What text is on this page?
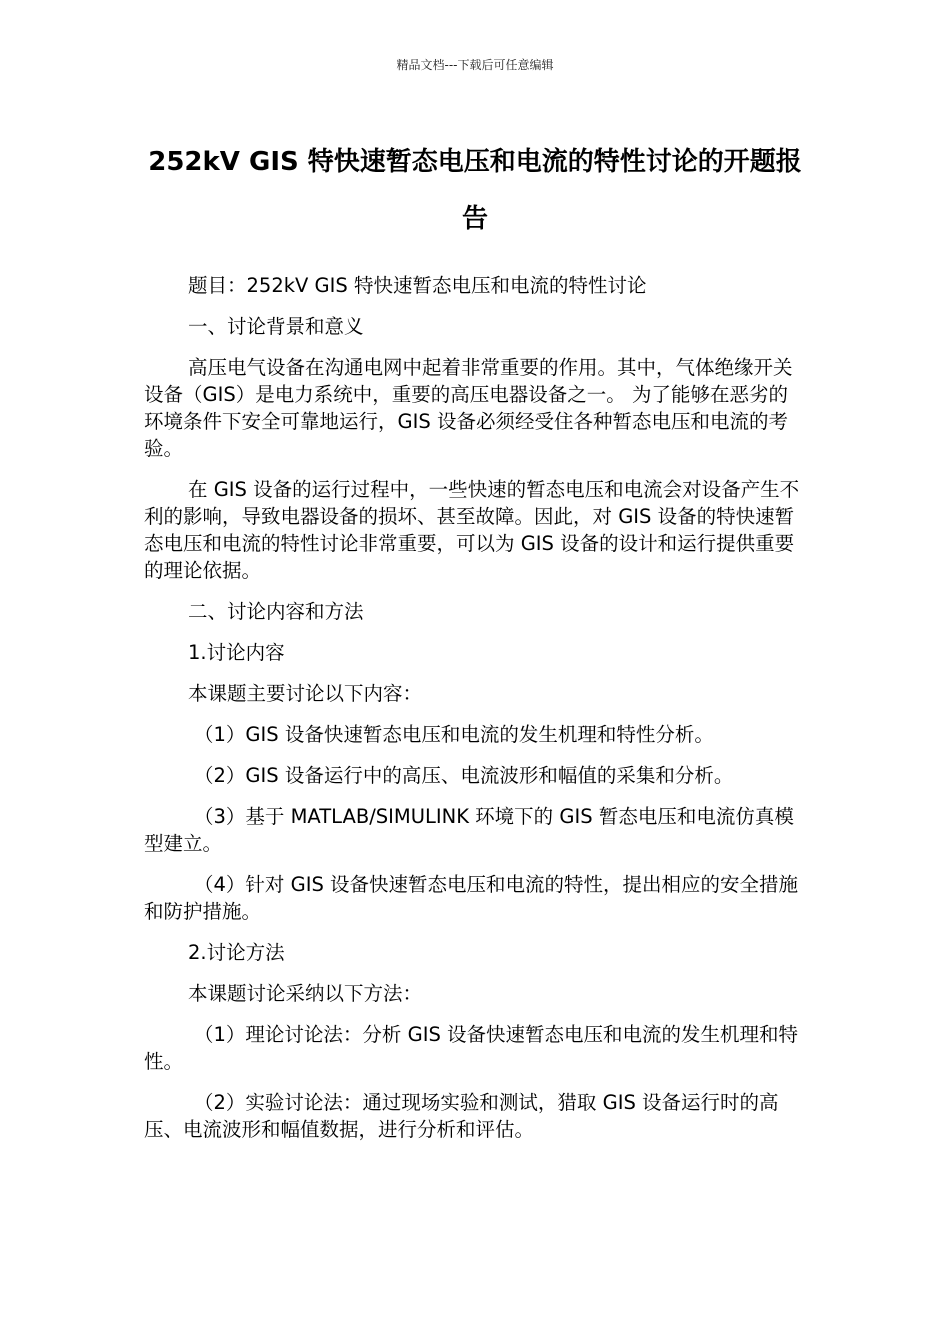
精品文档---下载后可任意编辑
252kV GIS 特快速暂态电压和电流的特性讨论的开题报告

题目：252kV GIS 特快速暂态电压和电流的特性讨论

一、讨论背景和意义

高压电气设备在沟通电网中起着非常重要的作用。其中，气体绝缘开关设备（GIS）是电力系统中，重要的高压电器设备之一。 为了能够在恶劣的环境条件下安全可靠地运行，GIS 设备必须经受住各种暂态电压和电流的考验。

在 GIS 设备的运行过程中，一些快速的暂态电压和电流会对设备产生不利的影响，导致电器设备的损坏、甚至故障。因此，对 GIS 设备的特快速暂态电压和电流的特性讨论非常重要，可以为 GIS 设备的设计和运行提供重要的理论依据。

二、讨论内容和方法

1.讨论内容

本课题主要讨论以下内容：

（1）GIS 设备快速暂态电压和电流的发生机理和特性分析。

（2）GIS 设备运行中的高压、电流波形和幅值的采集和分析。

（3）基于 MATLAB/SIMULINK 环境下的 GIS 暂态电压和电流仿真模型建立。

（4）针对 GIS 设备快速暂态电压和电流的特性，提出相应的安全措施和防护措施。

2.讨论方法

本课题讨论采纳以下方法：

（1）理论讨论法：分析 GIS 设备快速暂态电压和电流的发生机理和特性。

（2）实验讨论法：通过现场实验和测试，猎取 GIS 设备运行时的高压、电流波形和幅值数据，进行分析和评估。
